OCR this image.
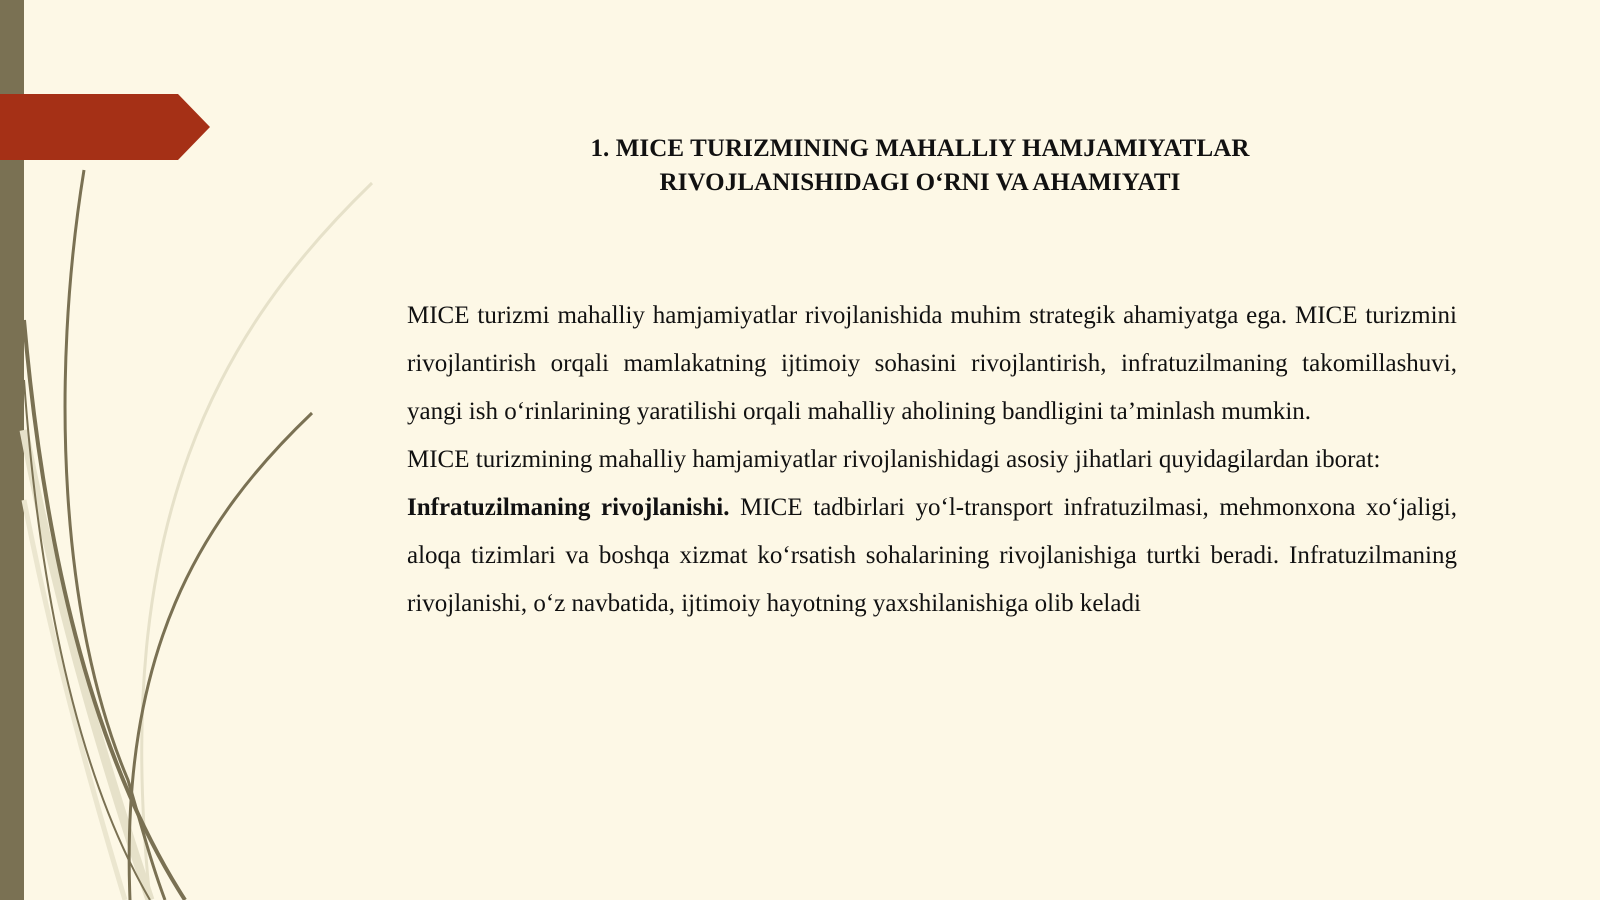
1. MICE TURIZMINING MAHALLIY HAMJAMIYATLAR
RIVOJLANISHIDAGI O‘RNI VA AHAMIYATI

MICE turizmi mahalliy hamjamiyatlar rivojlanishida muhim strategik ahamiyatga ega. MICE turizmini rivojlantirish orqali mamlakatning ijtimoiy sohasini rivojlantirish, infratuzilmaning takomillashuvi, yangi ish o‘rinlarining yaratilishi orqali mahalliy aholining bandligini ta’minlash mumkin.

MICE turizmining mahalliy hamjamiyatlar rivojlanishidagi asosiy jihatlari quyidagilardan iborat:

Infratuzilmaning rivojlanishi. MICE tadbirlari yo‘l-transport infratuzilmasi, mehmonxona xo‘jaligi, aloqa tizimlari va boshqa xizmat ko‘rsatish sohalarining rivojlanishiga turtki beradi. Infratuzilmaning rivojlanishi, o‘z navbatida, ijtimoiy hayotning yaxshilanishiga olib keladi
